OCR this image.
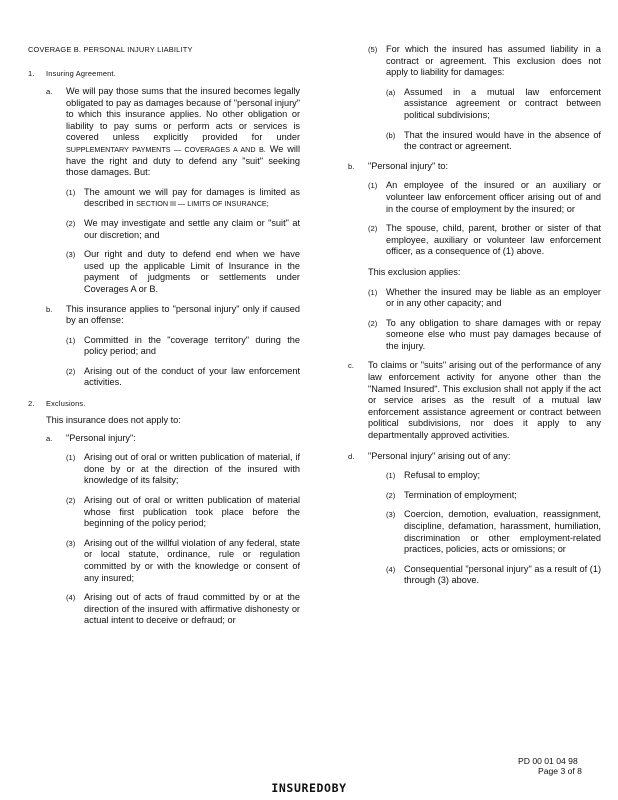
COVERAGE B. PERSONAL INJURY LIABILITY
1. Insuring Agreement.
a. We will pay those sums that the insured becomes legally obligated to pay as damages because of "personal injury" to which this insurance applies. No other obligation or liability to pay sums or perform acts or services is covered unless explicitly provided for under SUPPLEMENTARY PAYMENTS — COVERAGES A AND B. We will have the right and duty to defend any "suit" seeking those damages. But:

(1) The amount we will pay for damages is limited as described in SECTION III — LIMITS OF INSURANCE;

(2) We may investigate and settle any claim or "suit" at our discretion; and

(3) Our right and duty to defend end when we have used up the applicable Limit of Insurance in the payment of judgments or settlements under Coverages A or B.

b. This insurance applies to "personal injury" only if caused by an offense:

(1) Committed in the "coverage territory" during the policy period; and

(2) Arising out of the conduct of your law enforcement activities.

2. Exclusions.

This insurance does not apply to:

a. "Personal injury":

(1) Arising out of oral or written publication of material, if done by or at the direction of the insured with knowledge of its falsity;

(2) Arising out of oral or written publication of material whose first publication took place before the beginning of the policy period;

(3) Arising out of the willful violation of any federal, state or local statute, ordinance, rule or regulation committed by or with the knowledge or consent of any insured;

(4) Arising out of acts of fraud committed by or at the direction of the insured with affirmative dishonesty or actual intent to deceive or defraud; or

(5) For which the insured has assumed liability in a contract or agreement. This exclusion does not apply to liability for damages:

(a) Assumed in a mutual law enforcement assistance agreement or contract between political subdivisions;

(b) That the insured would have in the absence of the contract or agreement.

b. "Personal injury" to:

(1) An employee of the insured or an auxiliary or volunteer law enforcement officer arising out of and in the course of employment by the insured; or

(2) The spouse, child, parent, brother or sister of that employee, auxiliary or volunteer law enforcement officer, as a consequence of (1) above.

This exclusion applies:

(1) Whether the insured may be liable as an employer or in any other capacity; and

(2) To any obligation to share damages with or repay someone else who must pay damages because of the injury.

c. To claims or "suits" arising out of the performance of any law enforcement activity for anyone other than the "Named Insured". This exclusion shall not apply if the act or service arises as the result of a mutual law enforcement assistance agreement or contract between political subdivisions, nor does it apply to any departmentally approved activities.

d. "Personal injury" arising out of any:

(1) Refusal to employ;

(2) Termination of employment;

(3) Coercion, demotion, evaluation, reassignment, discipline, defamation, harassment, humiliation, discrimination or other employment-related practices, policies, acts or omissions; or

(4) Consequential "personal injury" as a result of (1) through (3) above.

PD 00 01 04 98
Page 3 of 8
INSUREDOBY
